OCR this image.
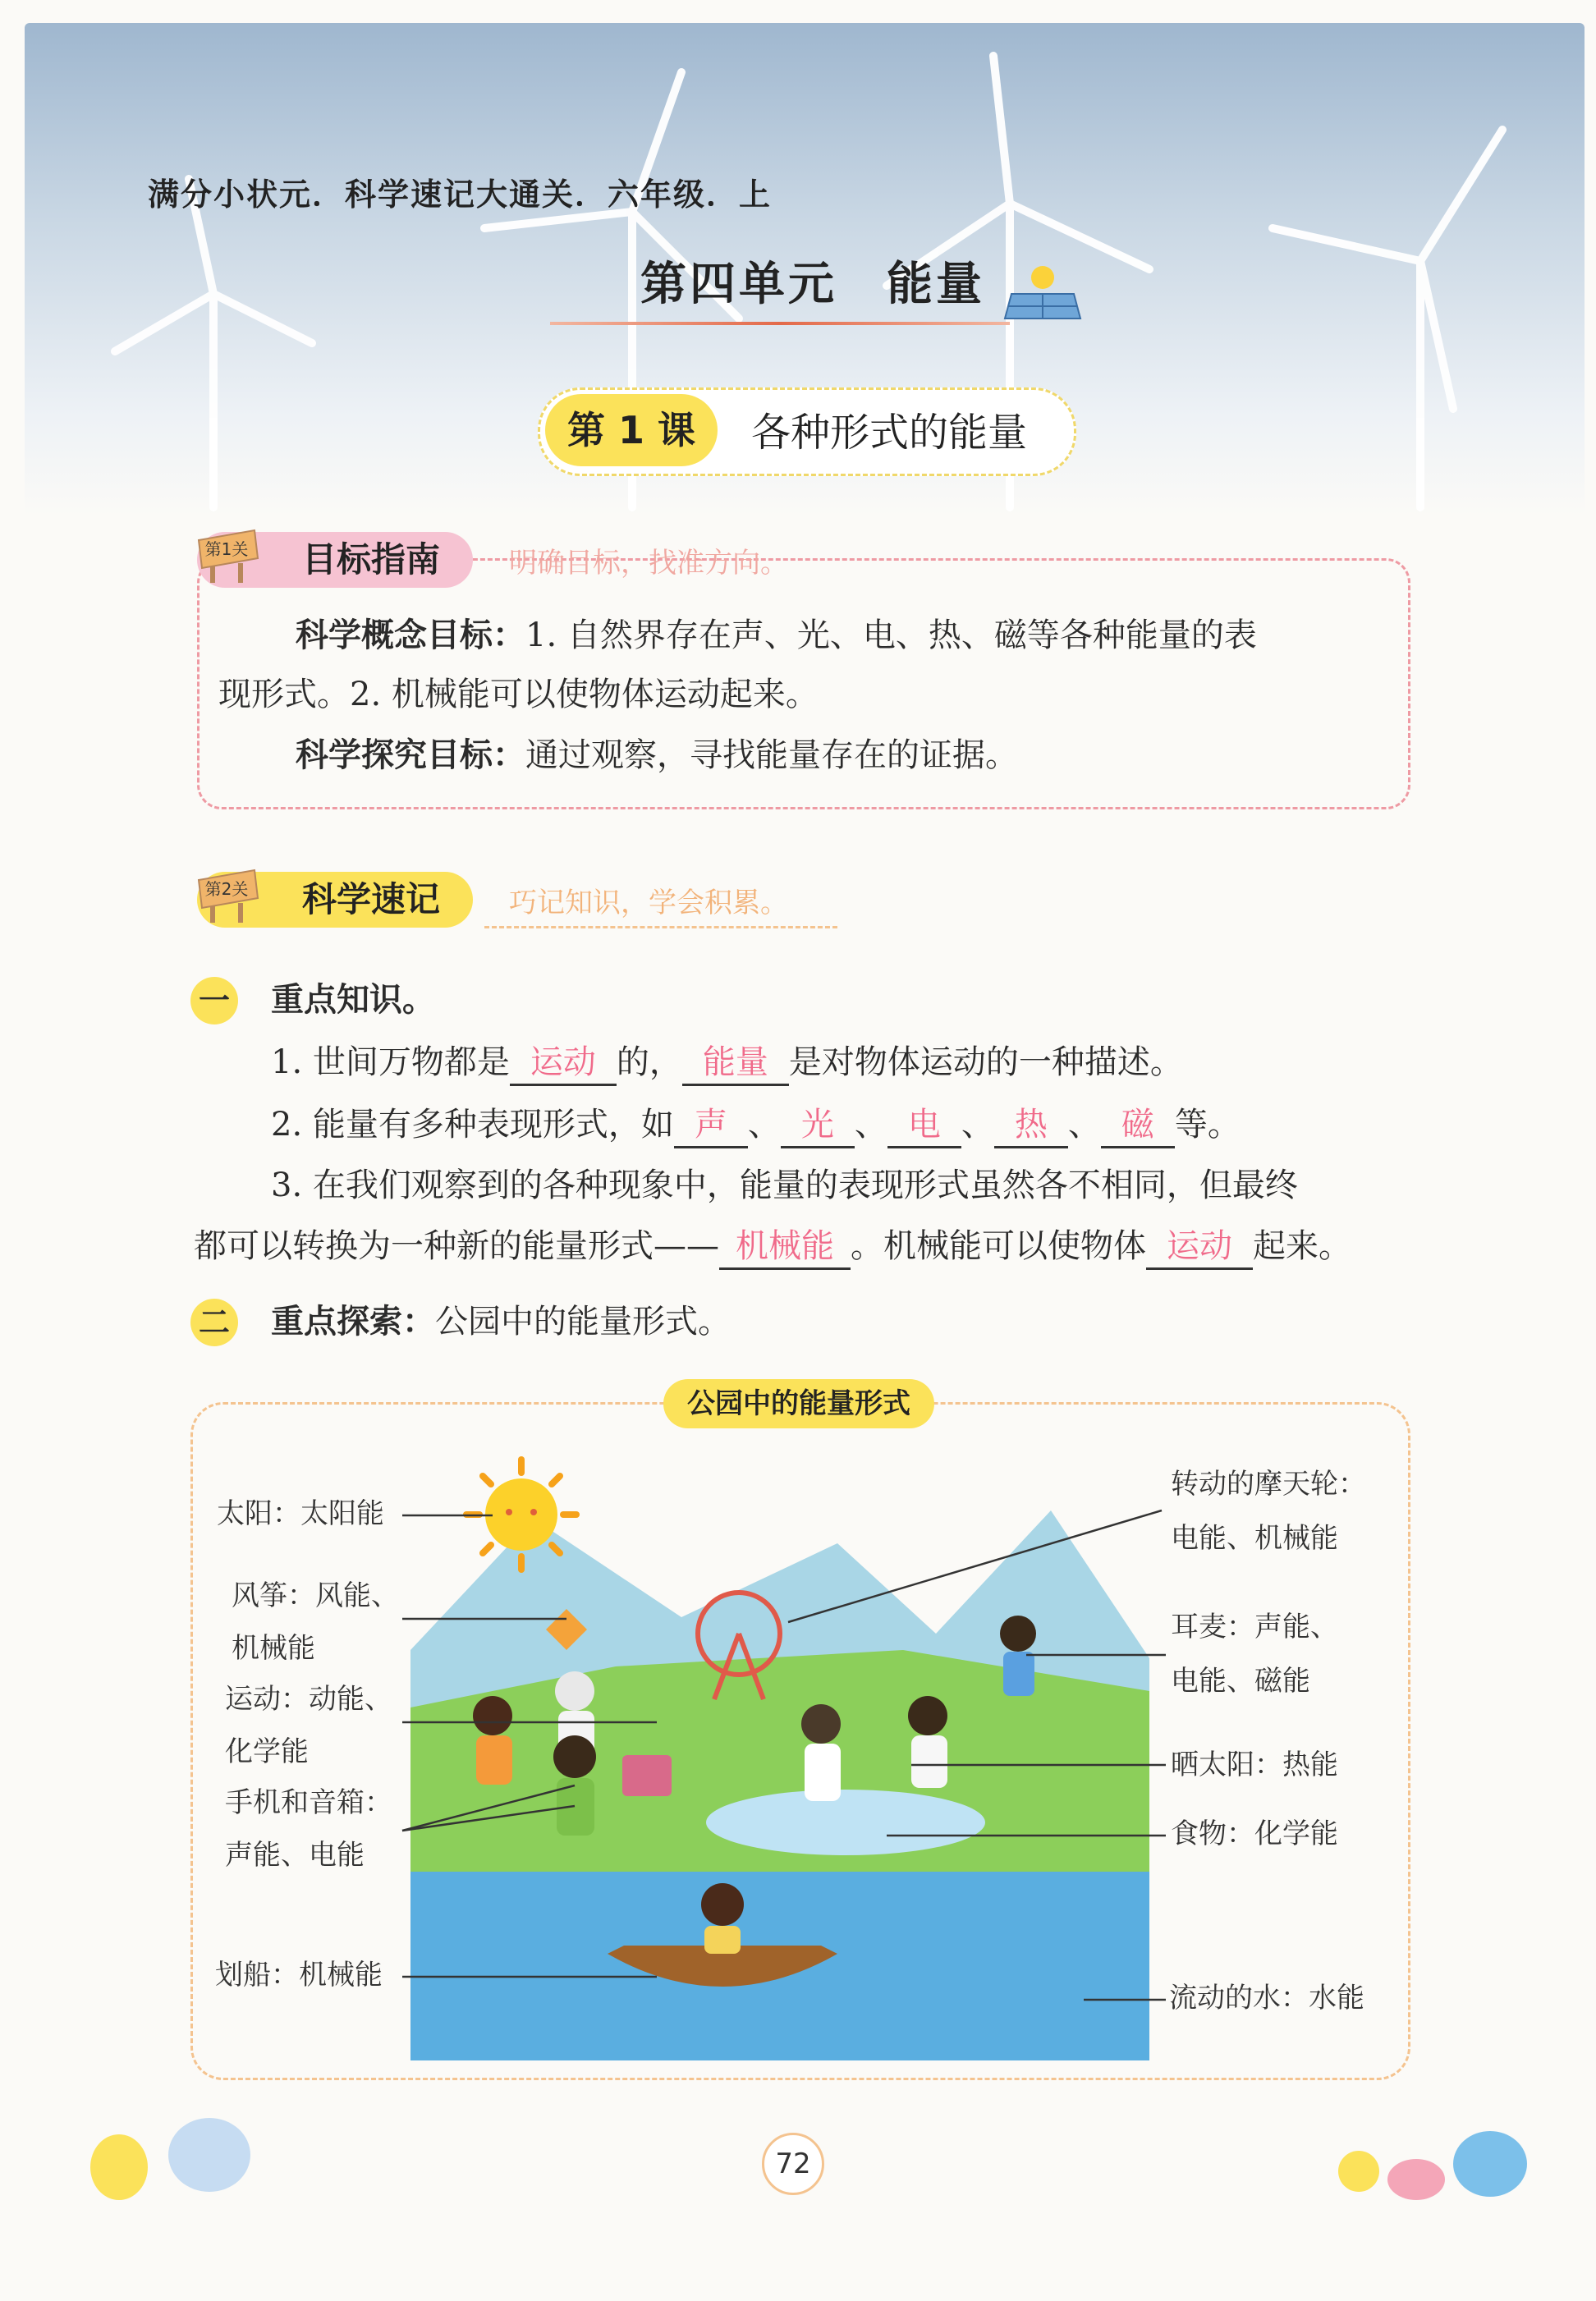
满分小状元．科学速记大通关．六年级．上
第四单元　能量
第 1 课	各种形式的能量
目标指南
第1关	明确目标，找准方向。
科学概念目标：1. 自然界存在声、光、电、热、磁等各种能量的表
现形式。2. 机械能可以使物体运动起来。
科学探究目标：通过观察，寻找能量存在的证据。
科学速记
第2关	巧记知识，学会积累。
一 重点知识。
1. 世间万物都是 运动 的， 能量 是对物体运动的一种描述。
2. 能量有多种表现形式，如 声 、 光 、 电 、 热 、 磁 等。
3. 在我们观察到的各种现象中，能量的表现形式虽然各不相同，但最终
都可以转换为一种新的能量形式—— 机械能 。机械能可以使物体 运动 起来。
二 重点探索：公园中的能量形式。
公园中的能量形式
太阳：太阳能
风筝：风能、
机械能
运动：动能、
化学能
手机和音箱：
声能、电能
划船：机械能
转动的摩天轮：
电能、机械能
耳麦：声能、
电能、磁能
晒太阳：热能
食物：化学能
流动的水：水能
72
